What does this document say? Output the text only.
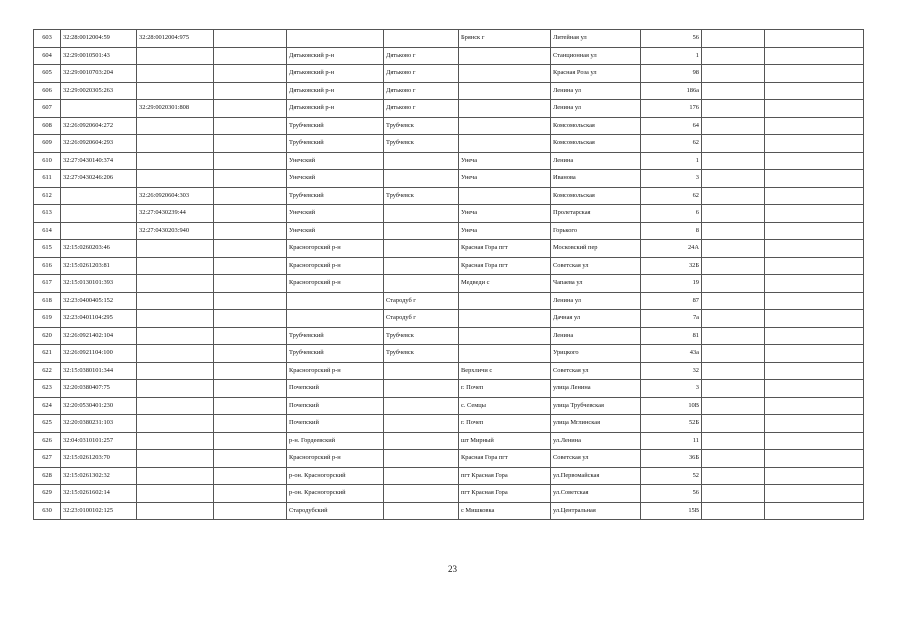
603	32:28:0012004:59	32:28:0012004:975				Брянск г	Литейная ул	56		
604	32:29:0010501:43			Дятьковский р-н	Дятьково г		Станционная ул	1		
605	32:29:0010703:204			Дятьковский р-н	Дятьково г		Красная Роза ул	98		
606	32:29:0020305:263			Дятьковский р-н	Дятьково г		Ленина ул	186а		
607		32:29:0020301:808		Дятьковский р-н	Дятьково г		Ленина ул	176		
608	32:26:0920604:272			Трубчевский	Трубчевск		Комсомольская	64		
609	32:26:0920604:293			Трубчевский	Трубчевск		Комсомольская	62		
610	32:27:0430140:374			Унечский		Унеча	Ленина	1		
611	32:27:0430246:206			Унечский		Унеча	Иванова	3		
612		32:26:0920604:303		Трубчевский	Трубчевск		Комсомольская	62		
613		32:27:0430239:44		Унечский		Унеча	Пролетарская	6		
614		32:27:0430203:940		Унечский		Унеча	Горького	8		
615	32:15:0260203:46			Красногорский р-н		Красная Гора пгт	Московский пер	24А		
616	32:15:0261203:81			Красногорский р-н		Красная Гора пгт	Советская ул	32Б		
617	32:15:0130101:393			Красногорский р-н		Медведи с	Чапаева ул	19		
618	32:23:0400405:152				Стародуб г		Ленина ул	87		
619	32:23:0401104:295				Стародуб г		Дачная ул	7а		
620	32:26:0921402:104			Трубчевский	Трубчевск		Ленина	81		
621	32:26:0921104:100			Трубчевский	Трубчевск		Урицкого	43а		
622	32:15:0380101:344			Красногорский р-н		Верхличи с	Советская ул	32		
623	32:20:0380407:75			Почепский		г. Почеп	улица Ленина	3		
624	32:20:0530401:230			Почепский		с. Семцы	улица Трубчевская	10В		
625	32:20:0380231:103			Почепский		г. Почеп	улица Мглинская	52Б		
626	32:04:0310101:257			р-н. Гордеевский		шт Мирный	ул.Ленина	11		
627	32:15:0261203:70			Красногорский р-н		Красная Гора пгт	Советская ул	36Б		
628	32:15:0261302:32			р-он. Красногорский		пгт Красная Гора	ул.Первомайская	52		
629	32:15:0261602:14			р-он. Красногорский		пгт Красная Гора	ул.Советская	56		
630	32:23:0100102:125			Стародубский		с Мишковка	ул.Центральная	15В		
23
